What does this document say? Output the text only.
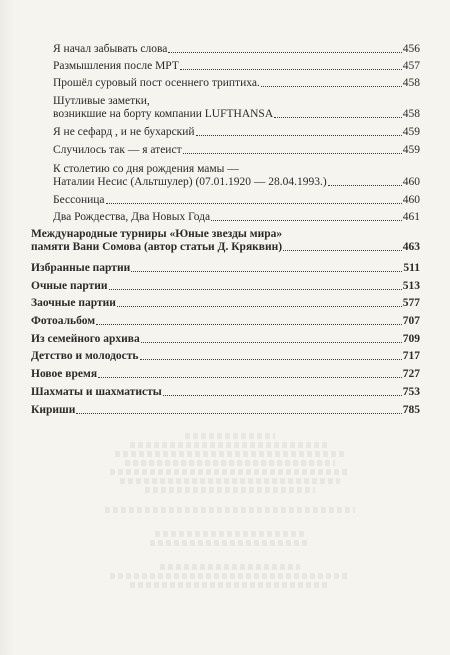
Я начал забывать слова	456
Размышления после МРТ	457
Прошёл суровый пост осеннего триптиха.	458
Шутливые заметки,
возникшие на борту компании LUFTHANSA	458
Я не сефард , и не бухарский	459
Случилось так — я атеист	459
К столетию со дня рождения мамы —
Наталии Несис (Альтшулер) (07.01.1920 — 28.04.1993.)	460
Бессоница	460
Два Рождества, Два Новых Года	461
Международные турниры «Юные звезды мира»
памяти Вани Сомова (автор статьи Д. Кряквин)	463
Избранные партии	511
Очные партии	513
Заочные партии	577
Фотоальбом	707
Из семейного архива	709
Детство и молодость	717
Новое время	727
Шахматы и шахматисты	753
Кириши	785
